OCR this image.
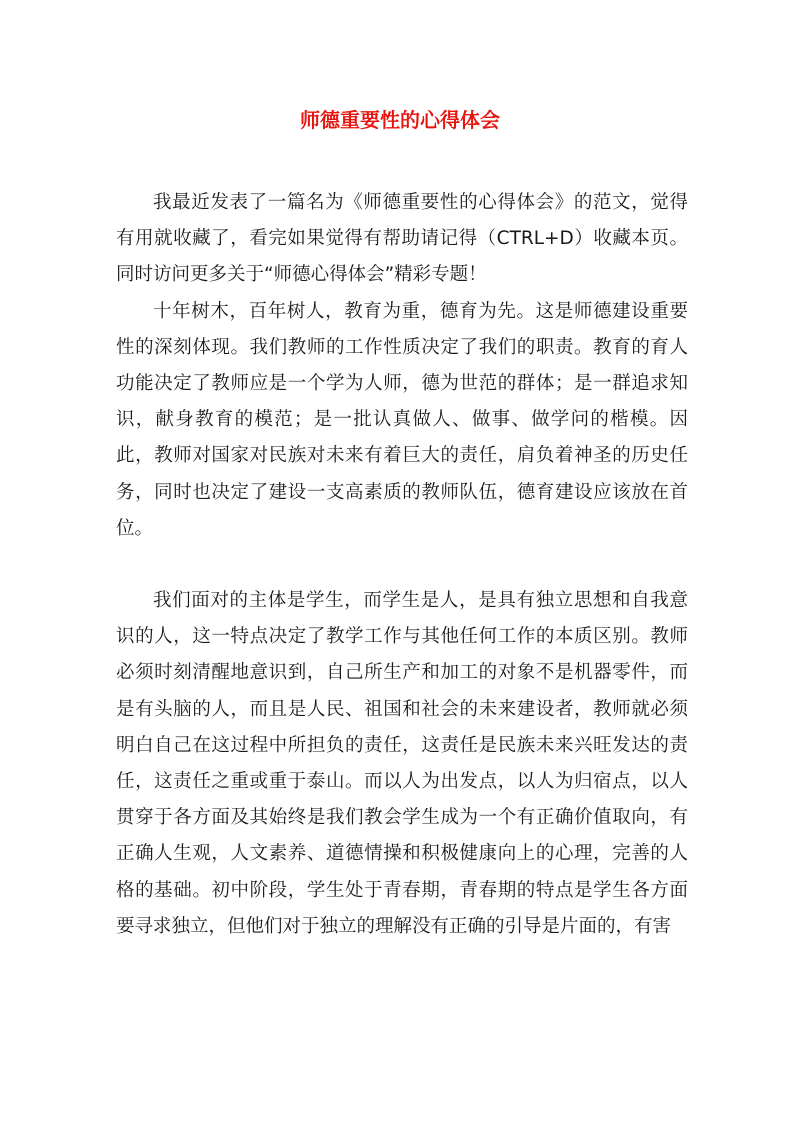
师德重要性的心得体会

我最近发表了一篇名为《师德重要性的心得体会》的范文，觉得有用就收藏了，看完如果觉得有帮助请记得（CTRL+D）收藏本页。同时访问更多关于“师德心得体会”精彩专题！

十年树木，百年树人，教育为重，德育为先。这是师德建设重要性的深刻体现。我们教师的工作性质决定了我们的职责。教育的育人功能决定了教师应是一个学为人师，德为世范的群体；是一群追求知识，献身教育的模范；是一批认真做人、做事、做学问的楷模。因此，教师对国家对民族对未来有着巨大的责任，肩负着神圣的历史任务，同时也决定了建设一支高素质的教师队伍，德育建设应该放在首位。

我们面对的主体是学生，而学生是人，是具有独立思想和自我意识的人，这一特点决定了教学工作与其他任何工作的本质区别。教师必须时刻清醒地意识到，自己所生产和加工的对象不是机器零件，而是有头脑的人，而且是人民、祖国和社会的未来建设者，教师就必须明白自己在这过程中所担负的责任，这责任是民族未来兴旺发达的责任，这责任之重或重于泰山。而以人为出发点，以人为归宿点，以人贯穿于各方面及其始终是我们教会学生成为一个有正确价值取向，有正确人生观，人文素养、道德情操和积极健康向上的心理，完善的人格的基础。初中阶段，学生处于青春期，青春期的特点是学生各方面要寻求独立，但他们对于独立的理解没有正确的引导是片面的，有害
